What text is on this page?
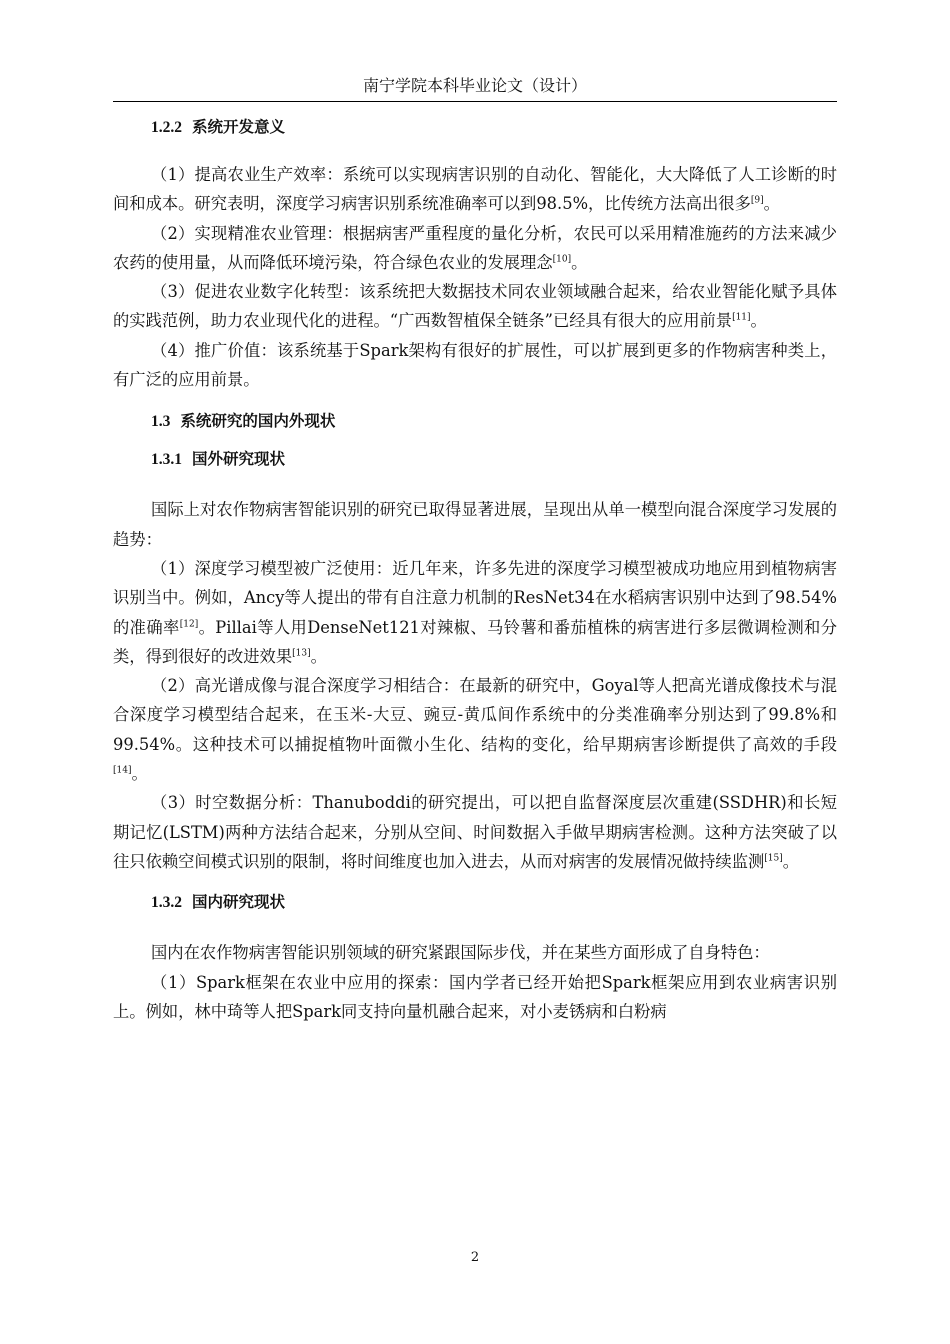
南宁学院本科毕业论文（设计）
1.2.2 系统开发意义

（1）提高农业生产效率：系统可以实现病害识别的自动化、智能化，大大降低了人工诊断的时间和成本。研究表明，深度学习病害识别系统准确率可以到98.5%，比传统方法高出很多[9]。

（2）实现精准农业管理：根据病害严重程度的量化分析，农民可以采用精准施药的方法来减少农药的使用量，从而降低环境污染，符合绿色农业的发展理念[10]。

（3）促进农业数字化转型：该系统把大数据技术同农业领域融合起来，给农业智能化赋予具体的实践范例，助力农业现代化的进程。“广西数智植保全链条”已经具有很大的应用前景[11]。

（4）推广价值：该系统基于Spark架构有很好的扩展性，可以扩展到更多的作物病害种类上，有广泛的应用前景。

1.3 系统研究的国内外现状
1.3.1 国外研究现状

国际上对农作物病害智能识别的研究已取得显著进展，呈现出从单一模型向混合深度学习发展的趋势：

（1）深度学习模型被广泛使用：近几年来，许多先进的深度学习模型被成功地应用到植物病害识别当中。例如，Ancy等人提出的带有自注意力机制的ResNet34在水稻病害识别中达到了98.54%的准确率[12]。Pillai等人用DenseNet121对辣椒、马铃薯和番茄植株的病害进行多层微调检测和分类，得到很好的改进效果[13]。

（2）高光谱成像与混合深度学习相结合：在最新的研究中，Goyal等人把高光谱成像技术与混合深度学习模型结合起来，在玉米-大豆、豌豆-黄瓜间作系统中的分类准确率分别达到了99.8%和99.54%。这种技术可以捕捉植物叶面微小生化、结构的变化，给早期病害诊断提供了高效的手段[14]。

（3）时空数据分析：Thanuboddi的研究提出，可以把自监督深度层次重建(SSDHR)和长短期记忆(LSTM)两种方法结合起来，分别从空间、时间数据入手做早期病害检测。这种方法突破了以往只依赖空间模式识别的限制，将时间维度也加入进去，从而对病害的发展情况做持续监测[15]。

1.3.2 国内研究现状

国内在农作物病害智能识别领域的研究紧跟国际步伐，并在某些方面形成了自身特色：

（1）Spark框架在农业中应用的探索：国内学者已经开始把Spark框架应用到农业病害识别上。例如，林中琦等人把Spark同支持向量机融合起来，对小麦锈病和白粉病

2
